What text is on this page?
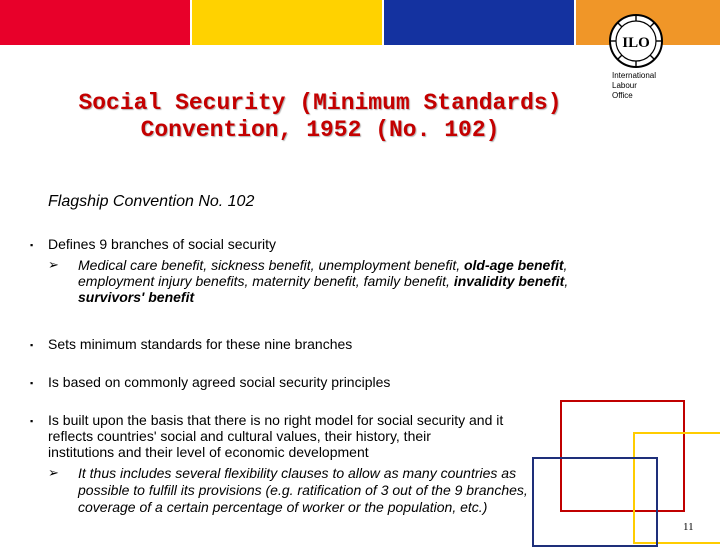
ILO
International
Labour
Office
Social Security (Minimum Standards)
Convention, 1952 (No. 102)
Flagship Convention No. 102
▪ Defines 9 branches of social security
➢ Medical care benefit, sickness benefit, unemployment benefit, old-age benefit,
employment injury benefits, maternity benefit, family benefit, invalidity benefit,
survivors' benefit
▪ Sets minimum standards for these nine branches
▪ Is based on commonly agreed social security principles
▪ Is built upon the basis that there is no right model for social security and it
reflects countries' social and cultural values, their history, their
institutions and their level of economic development
➢ It thus includes several flexibility clauses to allow as many countries as
possible to fulfill its provisions (e.g. ratification of 3 out of the 9 branches,
coverage of a certain percentage of worker or the population, etc.)
11
